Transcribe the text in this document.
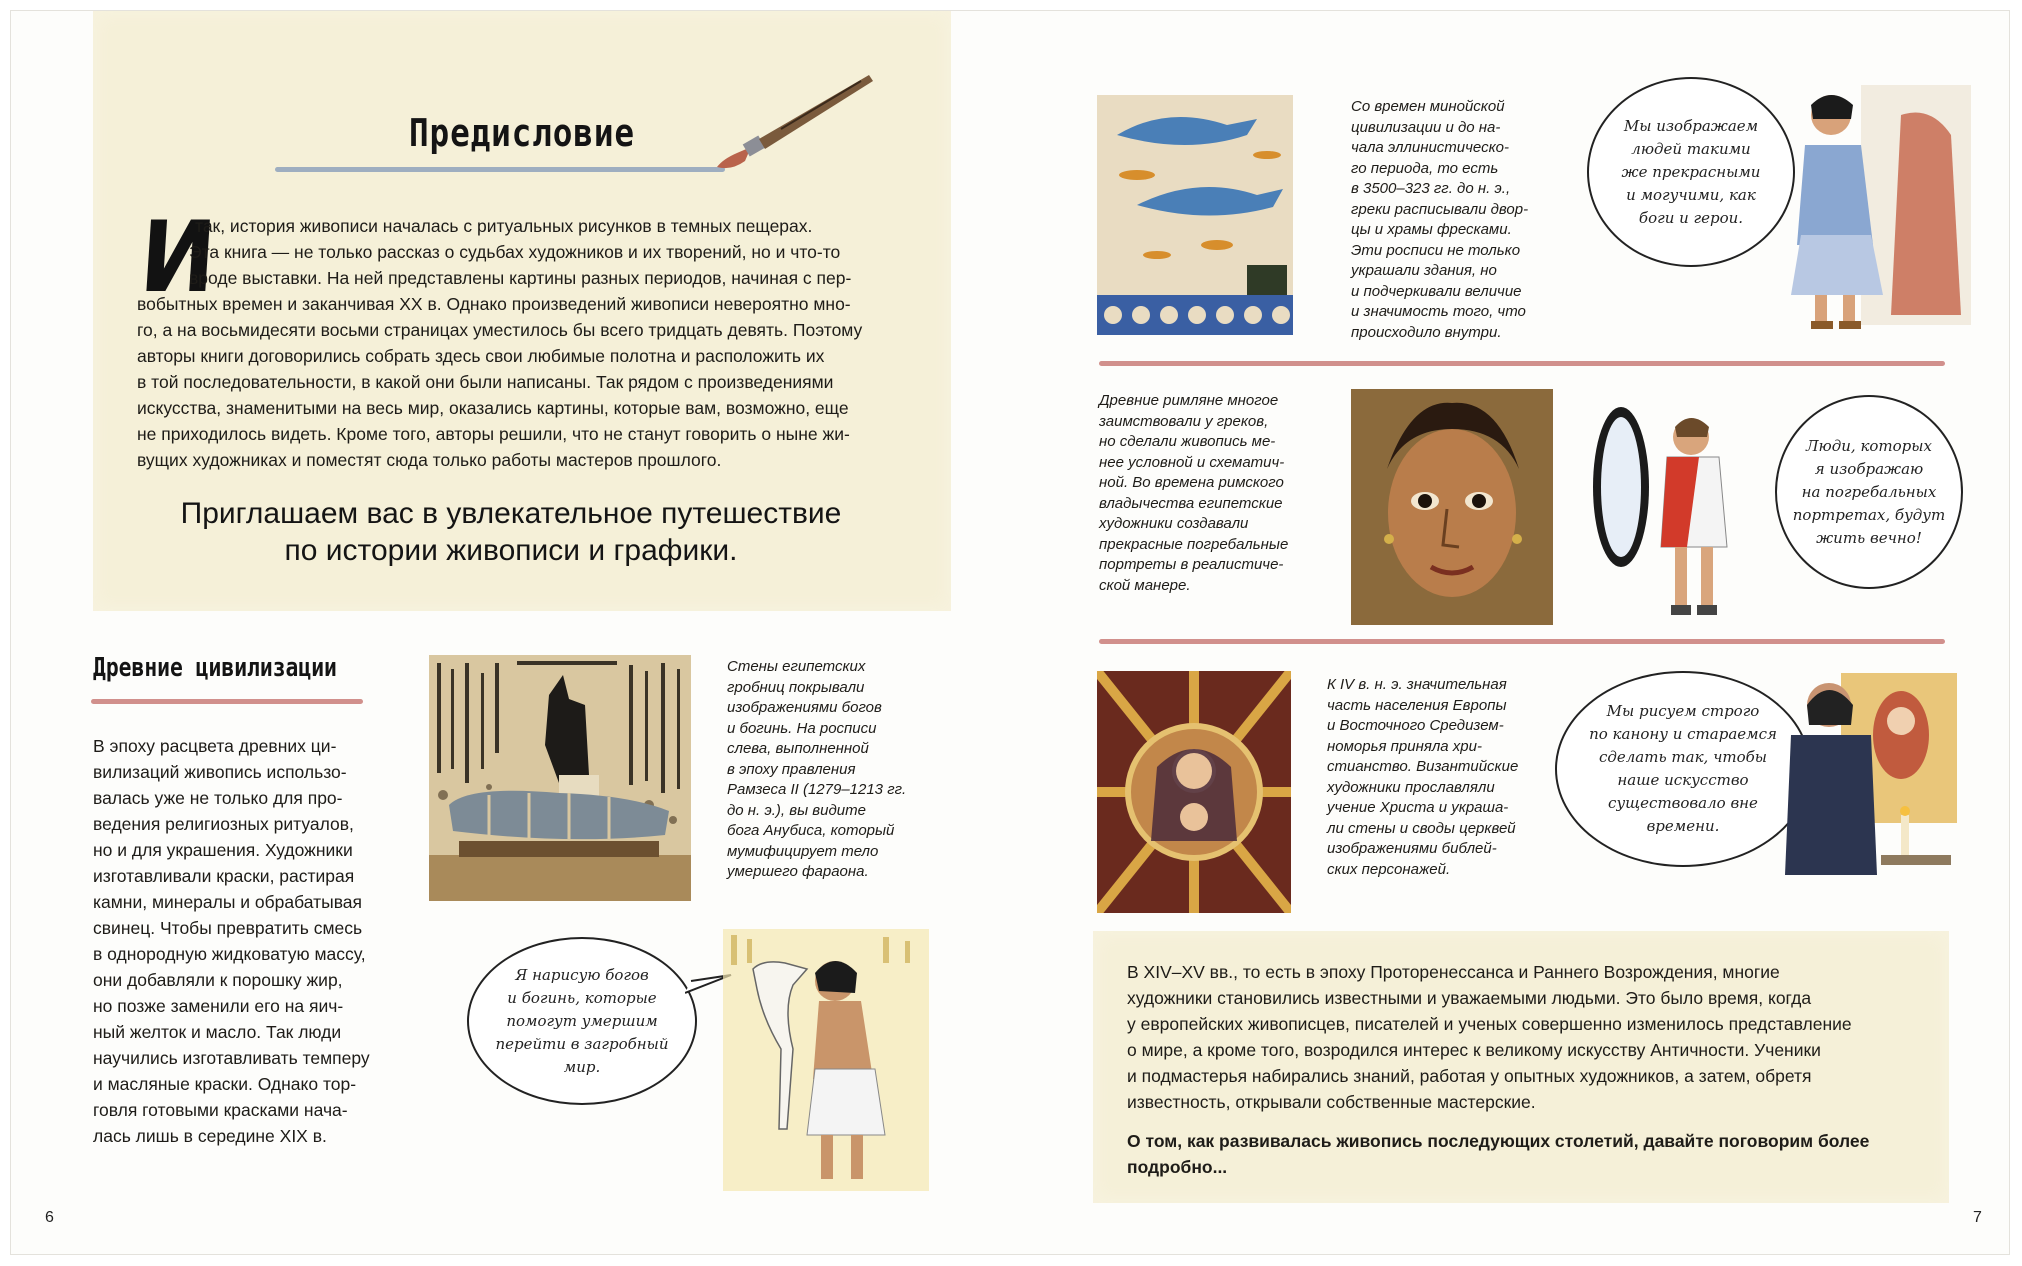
Предисловие
И

так, история живописи началась с ритуальных рисунков в темных пещерах.

Эта книга — не только рассказ о судьбах художников и их творений, но и что-то

вроде выставки. На ней представлены картины разных периодов, начиная с пер-

вобытных времен и заканчивая XX в. Однако произведений живописи невероятно мно-

го, а на восьмидесяти восьми страницах уместилось бы всего тридцать девять. Поэтому

авторы книги договорились собрать здесь свои любимые полотна и расположить их

в той последовательности, в какой они были написаны. Так рядом с произведениями

искусства, знаменитыми на весь мир, оказались картины, которые вам, возможно, еще

не приходилось видеть. Кроме того, авторы решили, что не станут говорить о ныне жи-

вущих художниках и поместят сюда только работы мастеров прошлого.

Приглашаем вас в увлекательное путешествие

по истории живописи и графики.

Древние цивилизации

В эпоху расцвета древних ци-

вилизаций живопись использо-

валась уже не только для про-

ведения религиозных ритуалов,

но и для украшения. Художники

изготавливали краски, растирая

камни, минералы и обрабатывая

свинец. Чтобы превратить смесь

в однородную жидковатую массу,

они добавляли к порошку жир,

но позже заменили его на яич-

ный желток и масло. Так люди

научились изготавливать темперу

и масляные краски. Однако тор-

говля готовыми красками нача-

лась лишь в середине XIX в.

Стены египетских

гробниц покрывали

изображениями богов

и богинь. На росписи

слева, выполненной

в эпоху правления

Рамзеса II (1279–1213 гг.

до н. э.), вы видите

бога Анубиса, который

мумифицирует тело

умершего фараона.

Я нарисую богов

и богинь, которые

помогут умершим

перейти в загробный

мир.

6

Со времен минойской

цивилизации и до на-

чала эллинистическо-

го периода, то есть

в 3500–323 гг. до н. э.,

греки расписывали двор-

цы и храмы фресками.

Эти росписи не только

украшали здания, но

и подчеркивали величие

и значимость того, что

происходило внутри.

Мы изображаем

людей такими

же прекрасными

и могучими, как

боги и герои.

Древние римляне многое

заимствовали у греков,

но сделали живопись ме-

нее условной и схематич-

ной. Во времена римского

владычества египетские

художники создавали

прекрасные погребальные

портреты в реалистиче-

ской манере.

Люди, которых

я изображаю

на погребальных

портретах, будут

жить вечно!

К IV в. н. э. значительная

часть населения Европы

и Восточного Средизем-

номорья приняла хри-

стианство. Византийские

художники прославляли

учение Христа и украша-

ли стены и своды церквей

изображениями библей-

ских персонажей.

Мы рисуем строго

по канону и стараемся

сделать так, чтобы

наше искусство

существовало вне

времени.

В XIV–XV вв., то есть в эпоху Проторенессанса и Раннего Возрождения, многие

художники становились известными и уважаемыми людьми. Это было время, когда

у европейских живописцев, писателей и ученых совершенно изменилось представление

о мире, а кроме того, возродился интерес к великому искусству Античности. Ученики

и подмастерья набирались знаний, работая у опытных художников, а затем, обретя

известность, открывали собственные мастерские.

О том, как развивалась живопись последующих столетий, давайте поговорим более

подробно...

7
